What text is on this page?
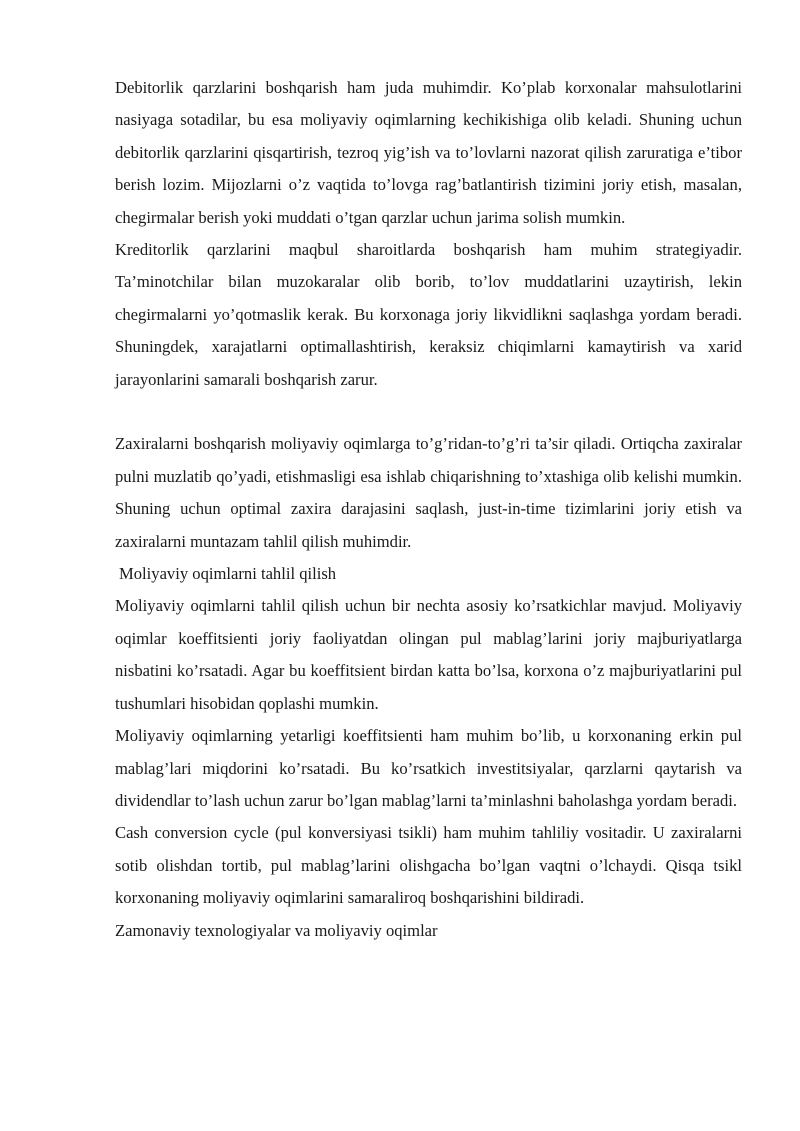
Debitorlik qarzlarini boshqarish ham juda muhimdir. Ko’plab korxonalar mahsulotlarini nasiyaga sotadilar, bu esa moliyaviy oqimlarning kechikishiga olib keladi. Shuning uchun debitorlik qarzlarini qisqartirish, tezroq yig’ish va to’lovlarni nazorat qilish zaruratiga e’tibor berish lozim. Mijozlarni o’z vaqtida to’lovga rag’batlantirish tizimini joriy etish, masalan, chegirmalar berish yoki muddati o’tgan qarzlar uchun jarima solish mumkin.

Kreditorlik qarzlarini maqbul sharoitlarda boshqarish ham muhim strategiyadir. Ta’minotchilar bilan muzokaralar olib borib, to’lov muddatlarini uzaytirish, lekin chegirmalarni yo’qotmaslik kerak. Bu korxonaga joriy likvidlikni saqlashga yordam beradi. Shuningdek, xarajatlarni optimallashtirish, keraksiz chiqimlarni kamaytirish va xarid jarayonlarini samarali boshqarish zarur.

Zaxiralarni boshqarish moliyaviy oqimlarga to’g’ridan-to’g’ri ta’sir qiladi. Ortiqcha zaxiralar pulni muzlatib qo’yadi, etishmasligi esa ishlab chiqarishning to’xtashiga olib kelishi mumkin. Shuning uchun optimal zaxira darajasini saqlash, just-in-time tizimlarini joriy etish va zaxiralarni muntazam tahlil qilish muhimdir.

Moliyaviy oqimlarni tahlil qilish

Moliyaviy oqimlarni tahlil qilish uchun bir nechta asosiy ko’rsatkichlar mavjud. Moliyaviy oqimlar koeffitsienti joriy faoliyatdan olingan pul mablag’larini joriy majburiyatlarga nisbatini ko’rsatadi. Agar bu koeffitsient birdan katta bo’lsa, korxona o’z majburiyatlarini pul tushumlari hisobidan qoplashi mumkin.

Moliyaviy oqimlarning yetarligi koeffitsienti ham muhim bo’lib, u korxonaning erkin pul mablag’lari miqdorini ko’rsatadi. Bu ko’rsatkich investitsiyalar, qarzlarni qaytarish va dividendlar to’lash uchun zarur bo’lgan mablag’larni ta’minlashni baholashga yordam beradi.

Cash conversion cycle (pul konversiyasi tsikli) ham muhim tahliliy vositadir. U zaxiralarni sotib olishdan tortib, pul mablag’larini olishgacha bo’lgan vaqtni o’lchaydi. Qisqa tsikl korxonaning moliyaviy oqimlarini samaraliroq boshqarishini bildiradi.

Zamonaviy texnologiyalar va moliyaviy oqimlar
